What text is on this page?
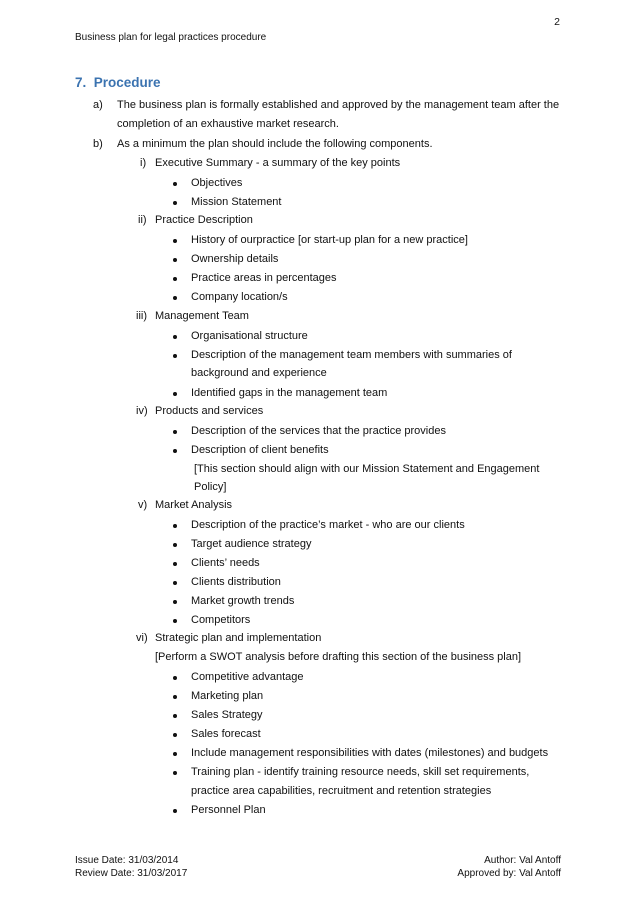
2
Business plan for legal practices procedure
7. Procedure
a) The business plan is formally established and approved by the management team after the
completion of an exhaustive market research.
b) As a minimum the plan should include the following components.
i) Executive Summary - a summary of the key points
Objectives
Mission Statement
ii) Practice Description
History of ourpractice [or start-up plan for a new practice]
Ownership details
Practice areas in percentages
Company location/s
iii) Management Team
Organisational structure
Description of the management team members with summaries of
background and experience
Identified gaps in the management team
iv) Products and services
Description of the services that the practice provides
Description of client benefits
[This section should align with our Mission Statement and Engagement
Policy]
v) Market Analysis
Description of the practice’s market - who are our clients
Target audience strategy
Clients’ needs
Clients distribution
Market growth trends
Competitors
vi) Strategic plan and implementation
[Perform a SWOT analysis before drafting this section of the business plan]
Competitive advantage
Marketing plan
Sales Strategy
Sales forecast
Include management responsibilities with dates (milestones) and budgets
Training plan - identify training resource needs, skill set requirements,
practice area capabilities, recruitment and retention strategies
Personnel Plan
Issue Date: 31/03/2014
Review Date: 31/03/2017
Author: Val Antoff
Approved by: Val Antoff
